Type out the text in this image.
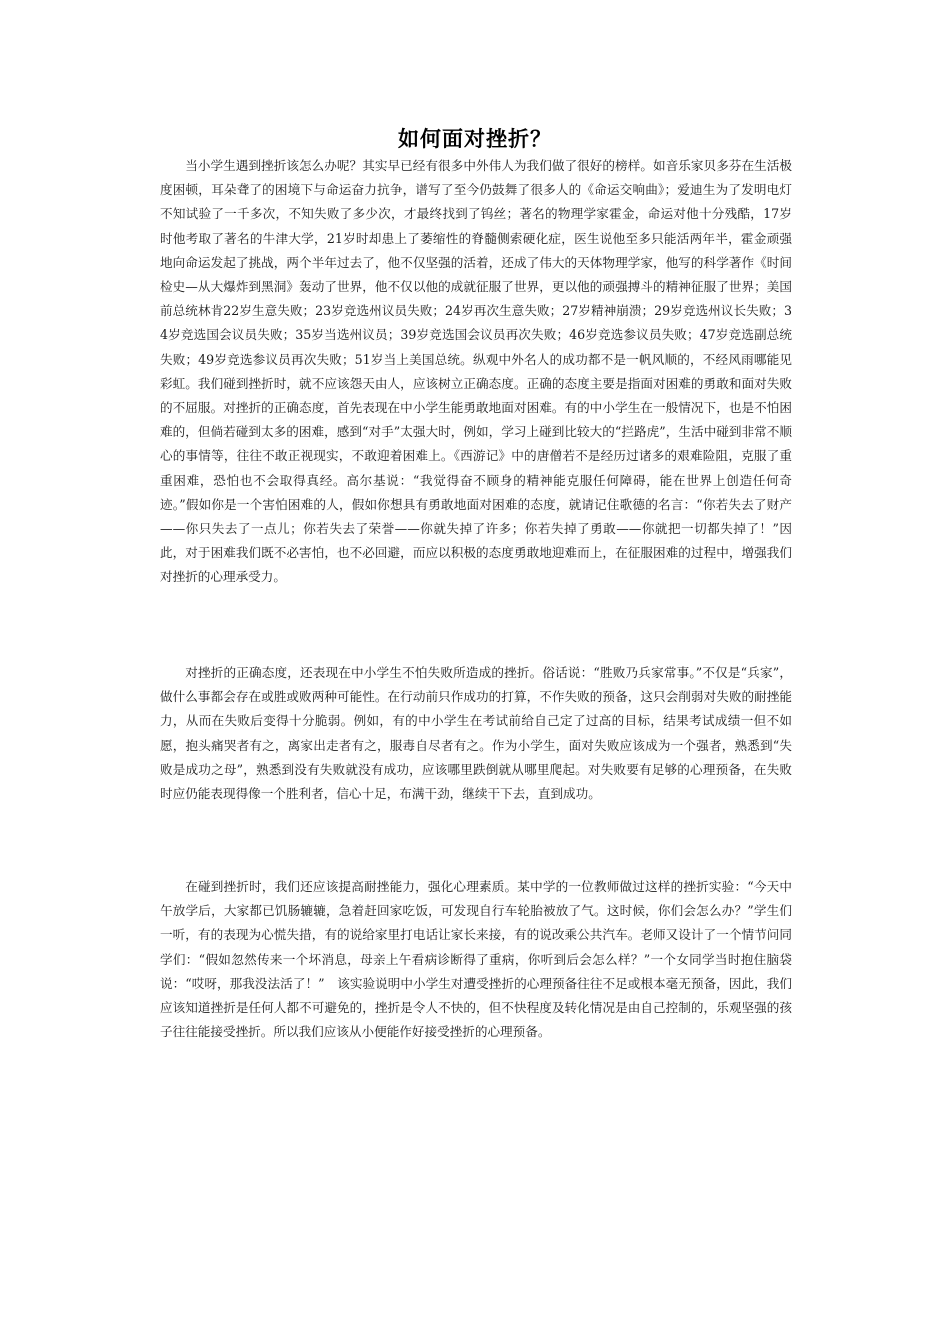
如何面对挫折？

当小学生遇到挫折该怎么办呢？其实早已经有很多中外伟人为我们做了很好的榜样。如音乐家贝多芬在生活极度困顿，耳朵聋了的困境下与命运奋力抗争，谱写了至今仍鼓舞了很多人的《命运交响曲》；爱迪生为了发明电灯不知试验了一千多次，不知失败了多少次，才最终找到了钨丝；著名的物理学家霍金，命运对他十分残酷，17岁时他考取了著名的牛津大学，21岁时却患上了萎缩性的脊髓侧索硬化症，医生说他至多只能活两年半，霍金顽强地向命运发起了挑战，两个半年过去了，他不仅坚强的活着，还成了伟大的天体物理学家，他写的科学著作《时间检史—从大爆炸到黑洞》轰动了世界，他不仅以他的成就征服了世界，更以他的顽强搏斗的精神征服了世界；美国前总统林肯22岁生意失败；23岁竞选州议员失败；24岁再次生意失败；27岁精神崩溃；29岁竞选州议长失败；34岁竞选国会议员失败；35岁当选州议员；39岁竞选国会议员再次失败；46岁竞选参议员失败；47岁竞选副总统失败；49岁竞选参议员再次失败；51岁当上美国总统。纵观中外名人的成功都不是一帆风顺的，不经风雨哪能见彩虹。我们碰到挫折时，就不应该怨天由人，应该树立正确态度。正确的态度主要是指面对困难的勇敢和面对失败的不屈服。对挫折的正确态度，首先表现在中小学生能勇敢地面对困难。有的中小学生在一般情况下，也是不怕困难的，但倘若碰到太多的困难，感到“对手”太强大时，例如，学习上碰到比较大的“拦路虎”，生活中碰到非常不顺心的事情等，往往不敢正视现实，不敢迎着困难上。《西游记》中的唐僧若不是经历过诸多的艰难险阻，克服了重重困难，恐怕也不会取得真经。高尔基说：“我觉得奋不顾身的精神能克服任何障碍，能在世界上创造任何奇迹。”假如你是一个害怕困难的人，假如你想具有勇敢地面对困难的态度，就请记住歌德的名言：“你若失去了财产——你只失去了一点儿；你若失去了荣誉——你就失掉了许多；你若失掉了勇敢——你就把一切都失掉了！”因此，对于困难我们既不必害怕，也不必回避，而应以积极的态度勇敢地迎难而上，在征服困难的过程中，增强我们对挫折的心理承受力。

对挫折的正确态度，还表现在中小学生不怕失败所造成的挫折。俗话说：“胜败乃兵家常事。”不仅是“兵家”，做什么事都会存在或胜或败两种可能性。在行动前只作成功的打算，不作失败的预备，这只会削弱对失败的耐挫能力，从而在失败后变得十分脆弱。例如，有的中小学生在考试前给自己定了过高的目标，结果考试成绩一但不如愿，抱头痛哭者有之，离家出走者有之，服毒自尽者有之。作为小学生，面对失败应该成为一个强者，熟悉到“失败是成功之母”，熟悉到没有失败就没有成功，应该哪里跌倒就从哪里爬起。对失败要有足够的心理预备，在失败时应仍能表现得像一个胜利者，信心十足，布满干劲，继续干下去，直到成功。

在碰到挫折时，我们还应该提高耐挫能力，强化心理素质。某中学的一位教师做过这样的挫折实验：“今天中午放学后，大家都已饥肠辘辘，急着赶回家吃饭，可发现自行车轮胎被放了气。这时候，你们会怎么办？”学生们一听，有的表现为心慌失措，有的说给家里打电话让家长来接，有的说改乘公共汽车。老师又设计了一个情节问同学们：“假如忽然传来一个坏消息，母亲上午看病诊断得了重病，你听到后会怎么样？”一个女同学当时抱住脑袋说：“哎呀，那我没法活了！”　该实验说明中小学生对遭受挫折的心理预备往往不足或根本毫无预备，因此，我们应该知道挫折是任何人都不可避免的，挫折是令人不快的，但不快程度及转化情况是由自己控制的，乐观坚强的孩子往往能接受挫折。所以我们应该从小便能作好接受挫折的心理预备。
